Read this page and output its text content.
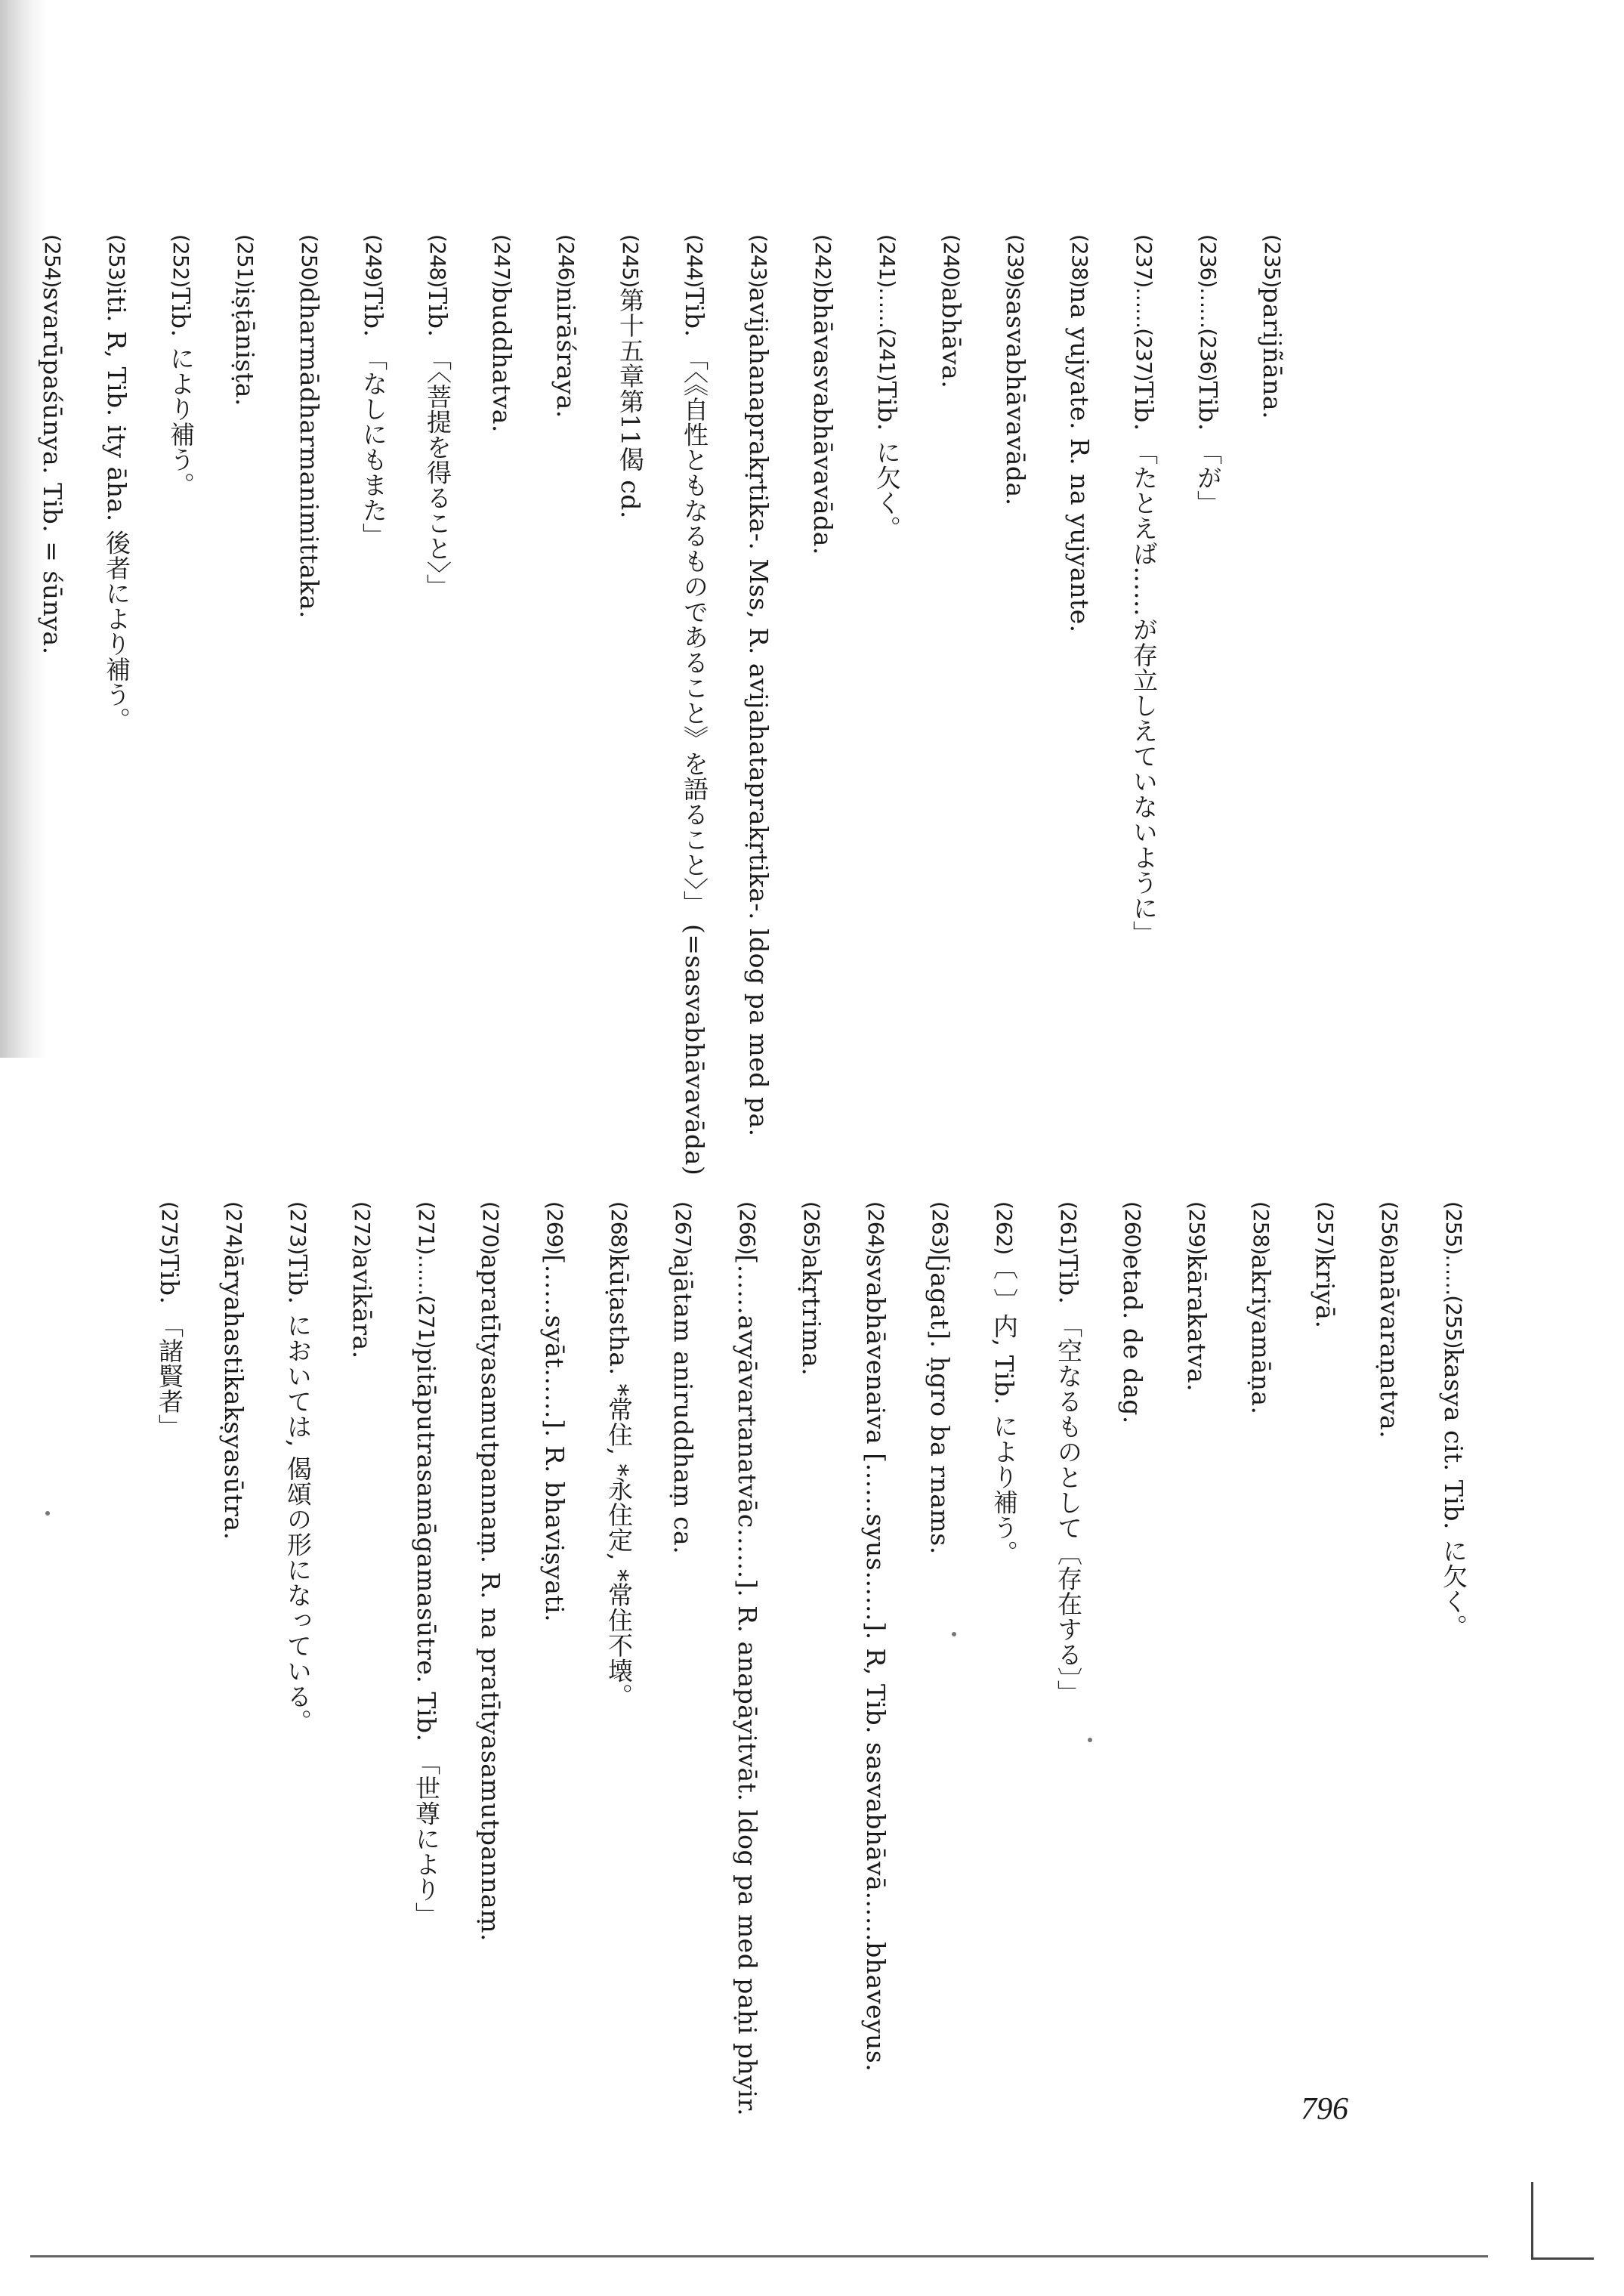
(235)parijñāna.
(236)……(236)Tib. 「が」
(237)……(237)Tib. 「たとえば……が存立しえていないように」
(238)na yujyate. R. na yujyante.
(239)sasvabhāvavāda.
(240)abhāva.
(241)……(241)Tib. に欠く。
(242)bhāvasvabhāvavāda.
(243)avijahanaprakṛtika-. Mss, R. avijahataprakṛtika-. ldog pa med pa.
(244)Tib. 「〈《自性ともなるものであること》を語ること〉」 (=sasvabhāvavāda)
(245)第十五章第11偈 cd.
(246)nirāśraya.
(247)buddhatva.
(248)Tib. 「〈菩提を得ること〉」
(249)Tib. 「なしにもまた」
(250)dharmādharmanimittaka.
(251)iṣṭāniṣṭa.
(252)Tib. により補う。
(253)iti. R, Tib. ity āha. 後者により補う。
(254)svarūpaśūnya. Tib. = śūnya.
(255)……(255)kasya cit. Tib. に欠く。
(256)anāvaraṇatva.
(257)kriyā.
(258)akriyamāṇa.
(259)kārakatva.
(260)etad. de dag.
(261)Tib. 「空なるものとして〔存在する〕」
(262)〔 〕内, Tib. により補う。
(263)[jagat]. ḥgro ba rnams.
(264)svabhāvenaiva [……syus……]. R, Tib. sasvabhāvā……bhaveyus.
(265)akṛtrima.
(266)[……avyāvartanatvāc……]. R. anapāyitvāt. ldog pa med paḥi phyir.
(267)ajātam aniruddhaṃ ca.
(268)kūṭastha. *常住, *永住定, *常住不壊。
(269)[……syāt……]. R. bhaviṣyati.
(270)apratītyasamutpannaṃ. R. na pratītyasamutpannaṃ.
(271)……(271)pitāputrasamāgamasūtre. Tib. 「世尊により」
(272)avikāra.
(273)Tib. においては, 偈頌の形になっている。
(274)āryahastikakṣyasūtra.
(275)Tib. 「諸賢者」
796
